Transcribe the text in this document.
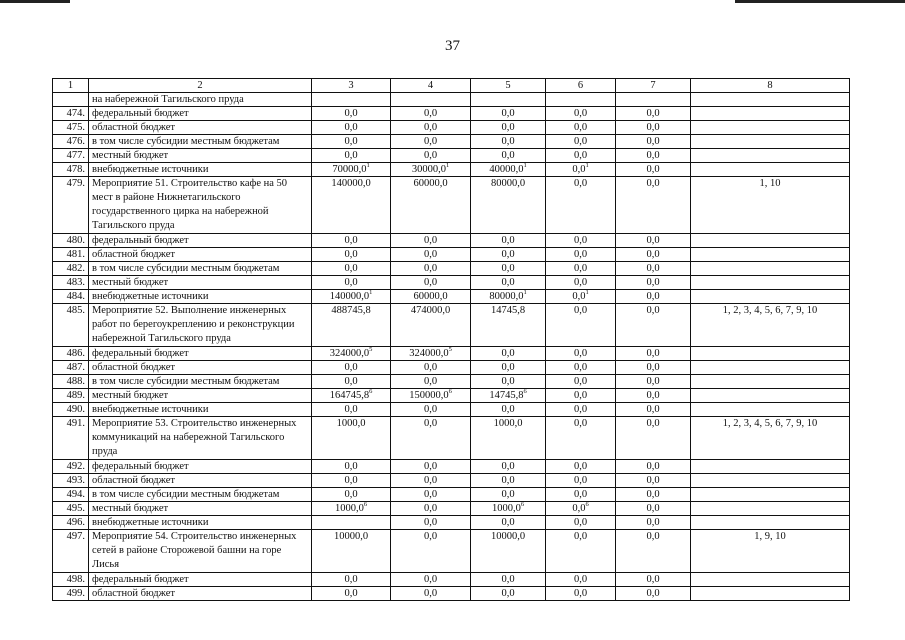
37
1	2	3	4	5	6	7	8
	на набережной Тагильского пруда						
474.	федеральный бюджет	0,0	0,0	0,0	0,0	0,0	
475.	областной бюджет	0,0	0,0	0,0	0,0	0,0	
476.	в том числе субсидии местным бюджетам	0,0	0,0	0,0	0,0	0,0	
477.	местный бюджет	0,0	0,0	0,0	0,0	0,0	
478.	внебюджетные источники	70000,0$^1$	30000,0$^1$	40000,0$^1$	$0,0^1$	0,0	
479.	Мероприятие 51. Строительство кафе на 50 мест в районе Нижнетагильского государственного цирка на набережной Тагильского пруда	140000,0	60000,0	80000,0	0,0	0,0	1, 10
480.	федеральный бюджет	0,0	0,0	0,0	0,0	0,0	
481.	областной бюджет	0,0	0,0	0,0	0,0	0,0	
482.	в том числе субсидии местным бюджетам	0,0	0,0	0,0	0,0	0,0	
483.	местный бюджет	0,0	0,0	0,0	0,0	0,0	
484.	внебюджетные источники	140000,0$^1$	60000,0	80000,0$^1$	$0,0^1$	0,0	
485.	Мероприятие 52. Выполнение инженерных работ по берегоукреплению и реконструкции набережной Тагильского пруда	488745,8	474000,0	14745,8	0,0	0,0	1, 2, 3, 4, 5, 6, 7, 9, 10
486.	федеральный бюджет	324000,0$^5$	324000,0$^5$	0,0	0,0	0,0	
487.	областной бюджет	0,0	0,0	0,0	0,0	0,0	
488.	в том числе субсидии местным бюджетам	0,0	0,0	0,0	0,0	0,0	
489.	местный бюджет	164745,8$^6$	150000,0$^6$	14745,8$^6$	0,0	0,0	
490.	внебюджетные источники	0,0	0,0	0,0	0,0	0,0	
491.	Мероприятие 53. Строительство инженерных коммуникаций на набережной Тагильского пруда	1000,0	0,0	1000,0	0,0	0,0	1, 2, 3, 4, 5, 6, 7, 9, 10
492.	федеральный бюджет	0,0	0,0	0,0	0,0	0,0	
493.	областной бюджет	0,0	0,0	0,0	0,0	0,0	
494.	в том числе субсидии местным бюджетам	0,0	0,0	0,0	0,0	0,0	
495.	местный бюджет	1000,0$^6$	0,0	1000,0$^6$	$0,0^6$	0,0	
496.	внебюджетные источники		0,0	0,0	0,0	0,0	
497.	Мероприятие 54. Строительство инженерных сетей в районе Сторожевой башни на горе Лисья	10000,0	0,0	10000,0	0,0	0,0	1, 9, 10
498.	федеральный бюджет	0,0	0,0	0,0	0,0	0,0	
499.	областной бюджет	0,0	0,0	0,0	0,0	0,0	
